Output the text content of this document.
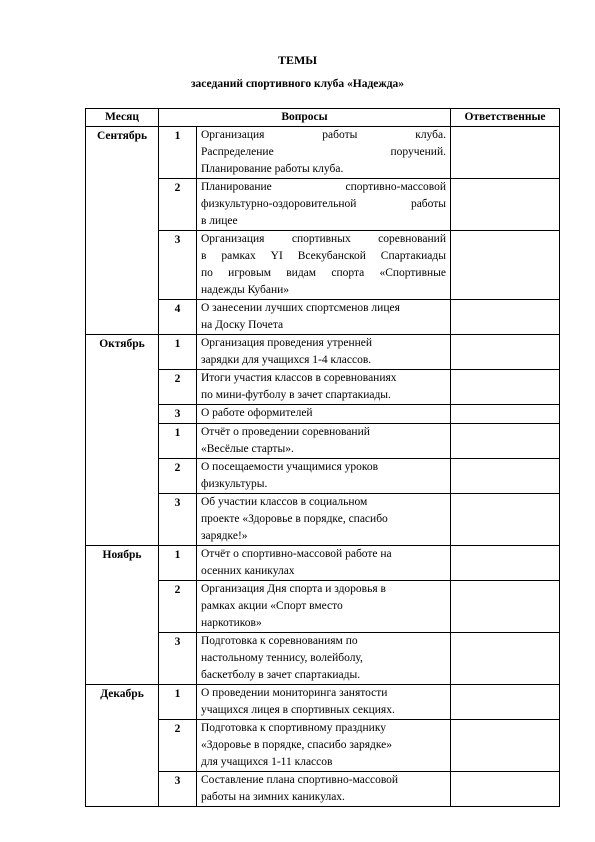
ТЕМЫ
заседаний спортивного клуба «Надежда»
Месяц	Вопросы		Ответственные
Сентябрь	1	Организация работы клуба.
Распределение поручений.
Планирование работы клуба.	

	2	Планирование спортивно-массовой
физкультурно-оздоровительной работы
в лицее	

	3	Организация спортивных соревнований
в рамках YI Всекубанской Спартакиады
по игровым видам спорта «Спортивные
надежды Кубани»	

	4	О занесении лучших спортсменов лицея
на Доску Почета	

Октябрь	1	Организация проведения утренней
зарядки для учащихся 1-4 классов.	

	2	Итоги участия классов в соревнованиях
по мини-футболу в зачет спартакиады.	

	3	О работе оформителей	

	1	Отчёт о проведении соревнований
«Весёлые старты».	

	2	О посещаемости учащимися уроков
физкультуры.	

	3	Об участии классов в социальном
проекте «Здоровье в порядке, спасибо
зарядке!»	

Ноябрь	1	Отчёт о спортивно-массовой работе на
осенних каникулах	

	2	Организация Дня спорта и здоровья в
рамках акции «Спорт вместо
наркотиков»	

	3	Подготовка к соревнованиям по
настольному теннису, волейболу,
баскетболу в зачет спартакиады.	

Декабрь	1	О проведении мониторинга занятости
учащихся лицея в спортивных секциях.	

	2	Подготовка к спортивному празднику
«Здоровье в порядке, спасибо зарядке»
для учащихся 1-11 классов	

	3	Составление плана спортивно-массовой
работы на зимних каникулах.	
